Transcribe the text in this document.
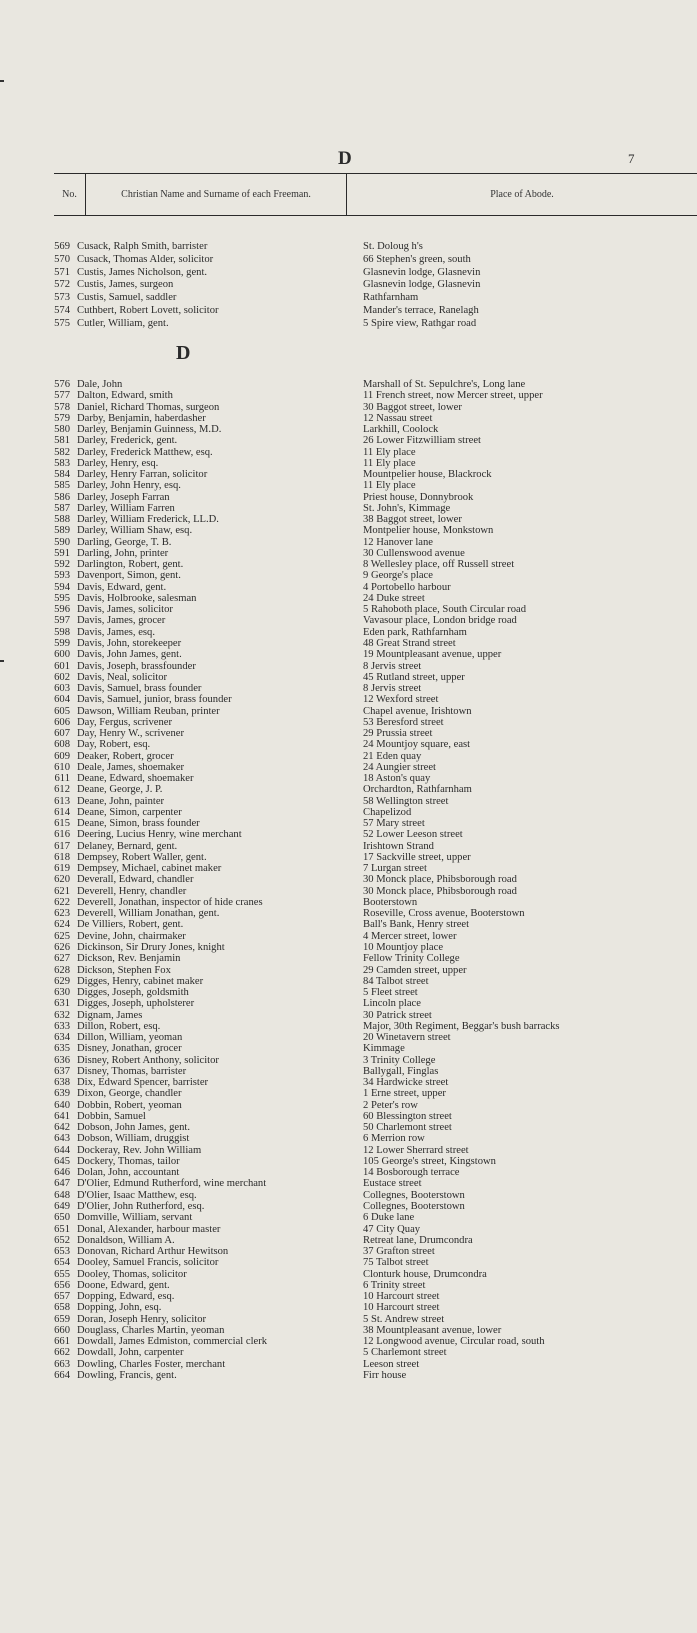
D	7
No.	Christian Name and Surname of each Freeman.	Place of Abode.
569 Cusack, Ralph Smith, barrister	St. Doloug h's
570 Cusack, Thomas Alder, solicitor	66 Stephen's green, south
571 Custis, James Nicholson, gent.	Glasnevin lodge, Glasnevin
572 Custis, James, surgeon	Glasnevin lodge, Glasnevin
573 Custis, Samuel, saddler	Rathfarnham
574 Cuthbert, Robert Lovett, solicitor	Mander's terrace, Ranelagh
575 Cutler, William, gent.	5 Spire view, Rathgar road
D
576 Dale, John	Marshall of St. Sepulchre's, Long lane
577 Dalton, Edward, smith	11 French street, now Mercer street, upper
578 Daniel, Richard Thomas, surgeon	30 Baggot street, lower
579 Darby, Benjamin, haberdasher	12 Nassau street
580 Darley, Benjamin Guinness, M.D.	Larkhill, Coolock
581 Darley, Frederick, gent.	26 Lower Fitzwilliam street
582 Darley, Frederick Matthew, esq.	11 Ely place
583 Darley, Henry, esq.	11 Ely place
584 Darley, Henry Farran, solicitor	Mountpelier house, Blackrock
585 Darley, John Henry, esq.	11 Ely place
586 Darley, Joseph Farran	Priest house, Donnybrook
587 Darley, William Farren	St. John's, Kimmage
588 Darley, William Frederick, LL.D.	38 Baggot street, lower
589 Darley, William Shaw, esq.	Montpelier house, Monkstown
590 Darling, George, T. B.	12 Hanover lane
591 Darling, John, printer	30 Cullenswood avenue
592 Darlington, Robert, gent.	8 Wellesley place, off Russell street
593 Davenport, Simon, gent.	9 George's place
594 Davis, Edward, gent.	4 Portobello harbour
595 Davis, Holbrooke, salesman	24 Duke street
596 Davis, James, solicitor	5 Rahoboth place, South Circular road
597 Davis, James, grocer	Vavasour place, London bridge road
598 Davis, James, esq.	Eden park, Rathfarnham
599 Davis, John, storekeeper	48 Great Strand street
600 Davis, John James, gent.	19 Mountpleasant avenue, upper
601 Davis, Joseph, brassfounder	8 Jervis street
602 Davis, Neal, solicitor	45 Rutland street, upper
603 Davis, Samuel, brass founder	8 Jervis street
604 Davis, Samuel, junior, brass founder	12 Wexford street
605 Dawson, William Reuban, printer	Chapel avenue, Irishtown
606 Day, Fergus, scrivener	53 Beresford street
607 Day, Henry W., scrivener	29 Prussia street
608 Day, Robert, esq.	24 Mountjoy square, east
609 Deaker, Robert, grocer	21 Eden quay
610 Deale, James, shoemaker	24 Aungier street
611 Deane, Edward, shoemaker	18 Aston's quay
612 Deane, George, J. P.	Orchardton, Rathfarnham
613 Deane, John, painter	58 Wellington street
614 Deane, Simon, carpenter	Chapelizod
615 Deane, Simon, brass founder	57 Mary street
616 Deering, Lucius Henry, wine merchant	52 Lower Leeson street
617 Delaney, Bernard, gent.	Irishtown Strand
618 Dempsey, Robert Waller, gent.	17 Sackville street, upper
619 Dempsey, Michael, cabinet maker	7 Lurgan street
620 Deverall, Edward, chandler	30 Monck place, Phibsborough road
621 Deverell, Henry, chandler	30 Monck place, Phibsborough road
622 Deverell, Jonathan, inspector of hide cranes	Booterstown
623 Deverell, William Jonathan, gent.	Roseville, Cross avenue, Booterstown
624 De Villiers, Robert, gent.	Ball's Bank, Henry street
625 Devine, John, chairmaker	4 Mercer street, lower
626 Dickinson, Sir Drury Jones, knight	10 Mountjoy place
627 Dickson, Rev. Benjamin	Fellow Trinity College
628 Dickson, Stephen Fox	29 Camden street, upper
629 Digges, Henry, cabinet maker	84 Talbot street
630 Digges, Joseph, goldsmith	5 Fleet street
631 Digges, Joseph, upholsterer	Lincoln place
632 Dignam, James	30 Patrick street
633 Dillon, Robert, esq.	Major, 30th Regiment, Beggar's bush barracks
634 Dillon, William, yeoman	20 Winetavern street
635 Disney, Jonathan, grocer	Kimmage
636 Disney, Robert Anthony, solicitor	3 Trinity College
637 Disney, Thomas, barrister	Ballygall, Finglas
638 Dix, Edward Spencer, barrister	34 Hardwicke street
639 Dixon, George, chandler	1 Erne street, upper
640 Dobbin, Robert, yeoman	2 Peter's row
641 Dobbin, Samuel	60 Blessington street
642 Dobson, John James, gent.	50 Charlemont street
643 Dobson, William, druggist	6 Merrion row
644 Dockeray, Rev. John William	12 Lower Sherrard street
645 Dockery, Thomas, tailor	105 George's street, Kingstown
646 Dolan, John, accountant	14 Bosborough terrace
647 D'Olier, Edmund Rutherford, wine merchant	Eustace street
648 D'Olier, Isaac Matthew, esq.	Collegnes, Booterstown
649 D'Olier, John Rutherford, esq.	Collegnes, Booterstown
650 Domville, William, servant	6 Duke lane
651 Donal, Alexander, harbour master	47 City Quay
652 Donaldson, William A.	Retreat lane, Drumcondra
653 Donovan, Richard Arthur Hewitson	37 Grafton street
654 Dooley, Samuel Francis, solicitor	75 Talbot street
655 Dooley, Thomas, solicitor	Clonturk house, Drumcondra
656 Doone, Edward, gent.	6 Trinity street
657 Dopping, Edward, esq.	10 Harcourt street
658 Dopping, John, esq.	10 Harcourt street
659 Doran, Joseph Henry, solicitor	5 St. Andrew street
660 Douglass, Charles Martin, yeoman	38 Mountpleasant avenue, lower
661 Dowdall, James Edmiston, commercial clerk	12 Longwood avenue, Circular road, south
662 Dowdall, John, carpenter	5 Charlemont street
663 Dowling, Charles Foster, merchant	Leeson street
664 Dowling, Francis, gent.	Firr house
